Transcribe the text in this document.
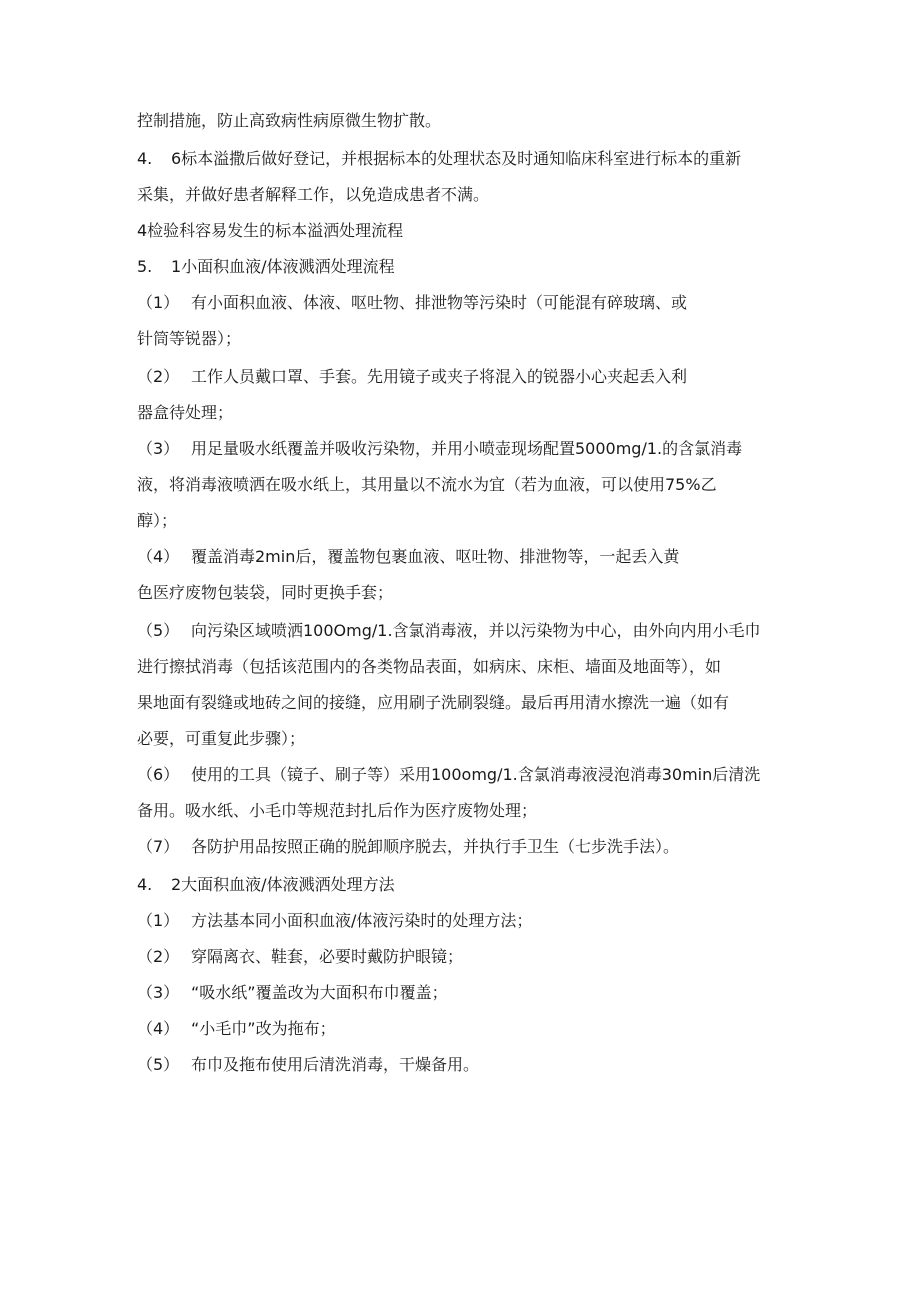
控制措施，防止高致病性病原微生物扩散。
4. 6标本溢撒后做好登记，并根据标本的处理状态及时通知临床科室进行标本的重新
采集，并做好患者解释工作，以免造成患者不满。
4检验科容易发生的标本溢洒处理流程
5. 1小面积血液/体液溅洒处理流程
（1） 有小面积血液、体液、呕吐物、排泄物等污染时（可能混有碎玻璃、或
针筒等锐器）；
（2） 工作人员戴口罩、手套。先用镜子或夹子将混入的锐器小心夹起丢入利
器盒待处理；
（3） 用足量吸水纸覆盖并吸收污染物，并用小喷壶现场配置5000mg∕1.的含氯消毒
液，将消毒液喷洒在吸水纸上，其用量以不流水为宜（若为血液，可以使用75%乙
醇）；
（4） 覆盖消毒2min后，覆盖物包裹血液、呕吐物、排泄物等，一起丢入黄
色医疗废物包装袋，同时更换手套；
（5） 向污染区域喷洒100Omg∕1.含氯消毒液，并以污染物为中心，由外向内用小毛巾
进行擦拭消毒（包括该范围内的各类物品表面，如病床、床柜、墙面及地面等），如
果地面有裂缝或地砖之间的接缝，应用刷子洗刷裂缝。最后再用清水擦洗一遍（如有
必要，可重复此步骤）；
（6） 使用的工具（镜子、刷子等）采用100omg∕1.含氯消毒液浸泡消毒30min后清洗
备用。吸水纸、小毛巾等规范封扎后作为医疗废物处理；
（7） 各防护用品按照正确的脱卸顺序脱去，并执行手卫生（七步洗手法）。
4. 2大面积血液/体液溅洒处理方法
（1） 方法基本同小面积血液/体液污染时的处理方法；
（2） 穿隔离衣、鞋套，必要时戴防护眼镜；
（3） “吸水纸”覆盖改为大面积布巾覆盖；
（4） “小毛巾”改为拖布；
（5） 布巾及拖布使用后清洗消毒，干燥备用。
